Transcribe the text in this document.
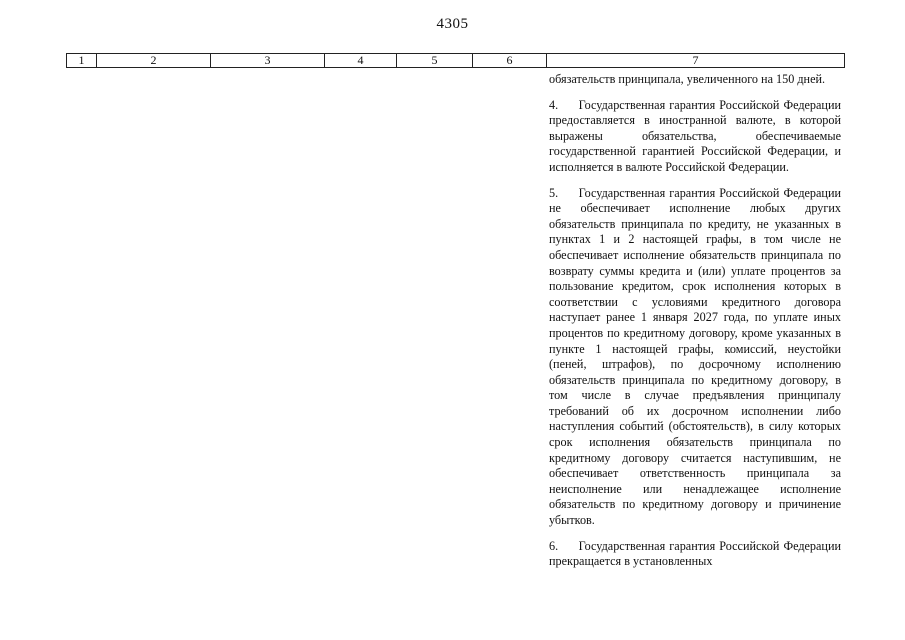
4305
1	2	3	4	5	6	7

обязательств принципала, увеличенного на 150 дней.

4.     Государственная гарантия Российской Федерации предоставляется в иностранной валюте, в которой выражены обязательства, обеспечиваемые государственной гарантией Российской Федерации, и исполняется в валюте Российской Федерации.

5.     Государственная гарантия Российской Федерации не обеспечивает исполнение любых других обязательств принципала по кредиту, не указанных в пунктах 1 и 2 настоящей графы, в том числе не обеспечивает исполнение обязательств принципала по возврату суммы кредита и (или) уплате процентов за пользование кредитом, срок исполнения которых в соответствии с условиями кредитного договора наступает ранее 1 января 2027 года, по уплате иных процентов по кредитному договору, кроме указанных в пункте 1 настоящей графы, комиссий, неустойки (пеней, штрафов), по досрочному исполнению обязательств принципала по кредитному договору, в том числе в случае предъявления принципалу требований об их досрочном исполнении либо наступления событий (обстоятельств), в силу которых срок исполнения обязательств принципала по кредитному договору считается наступившим, не обеспечивает ответственность принципала за неисполнение или ненадлежащее исполнение обязательств по кредитному договору и причинение убытков.

6.     Государственная гарантия Российской Федерации прекращается в установленных
